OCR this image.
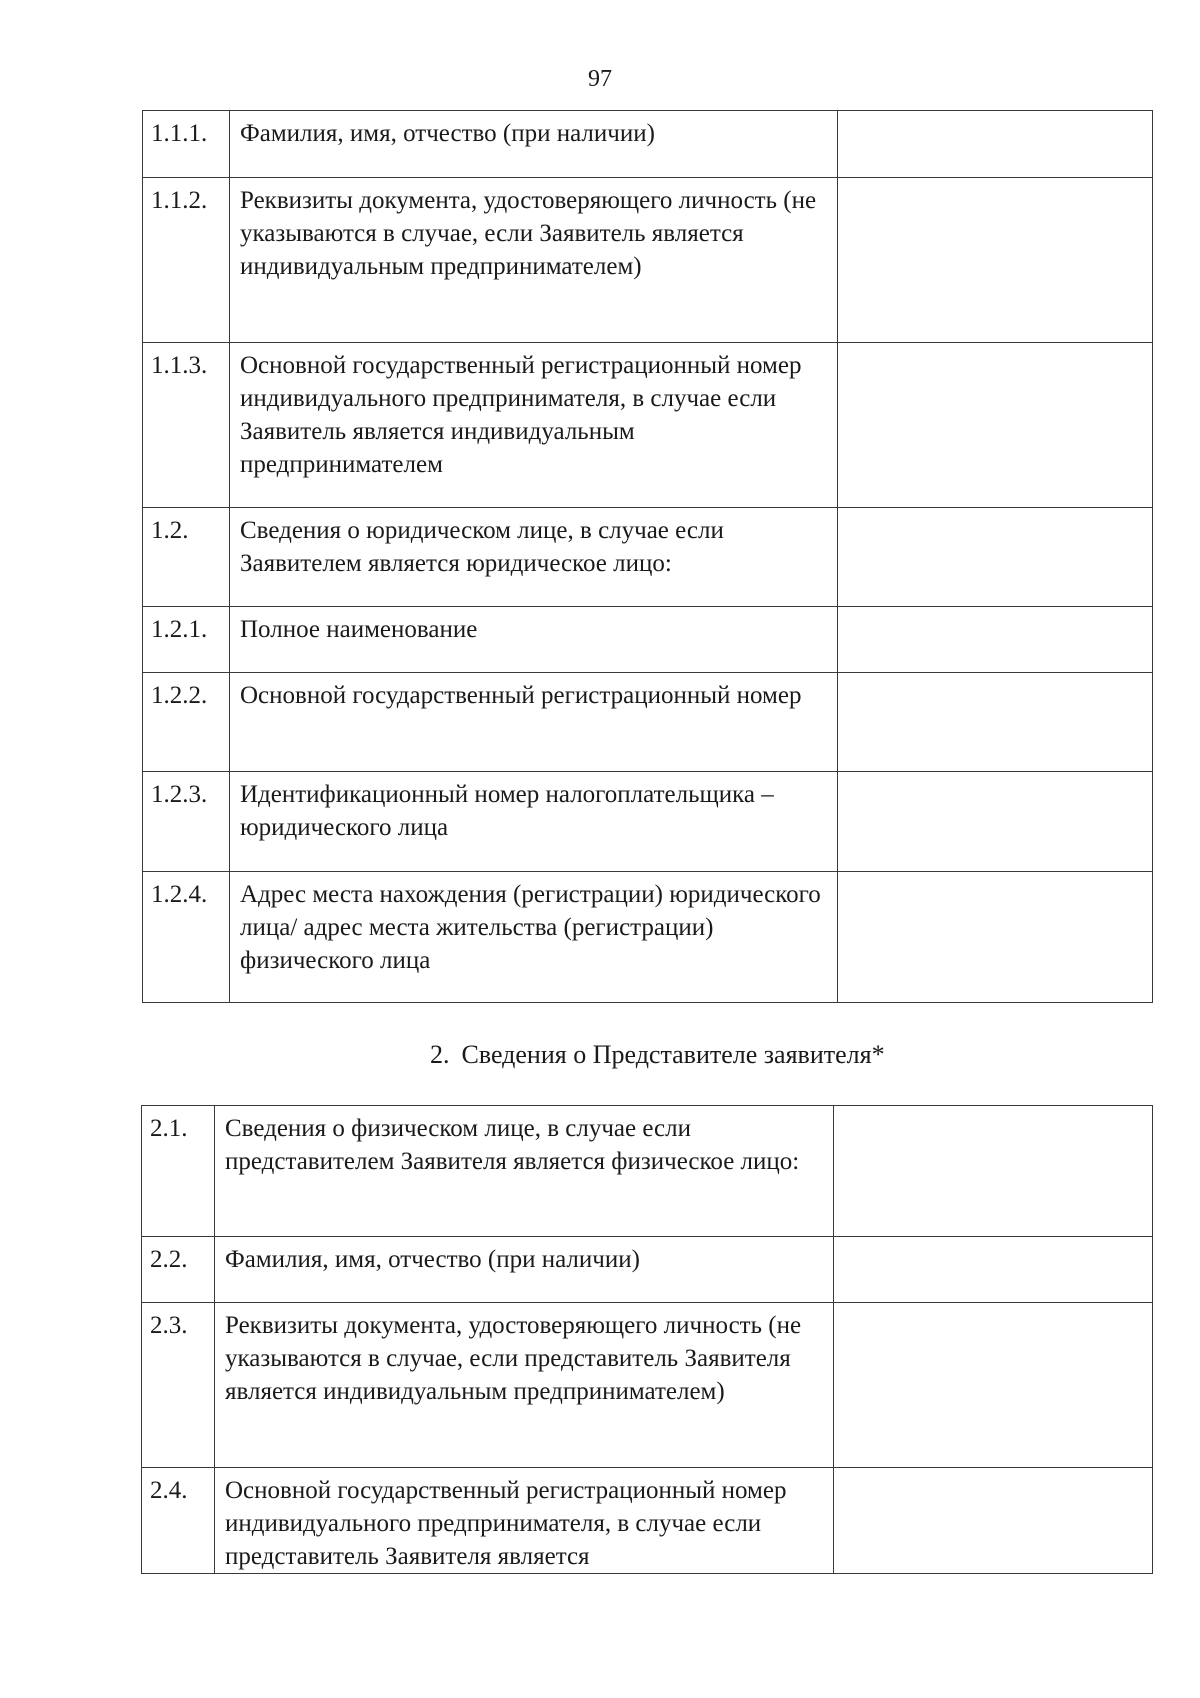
97
1.1.1.	Фамилия, имя, отчество (при наличии)	
1.1.2.	Реквизиты документа, удостоверяющего личность (не указываются в случае, если Заявитель является индивидуальным предпринимателем)	
1.1.3.	Основной государственный регистрационный номер индивидуального предпринимателя, в случае если Заявитель является индивидуальным предпринимателем	
1.2.	Сведения о юридическом лице, в случае если Заявителем является юридическое лицо:	
1.2.1.	Полное наименование	
1.2.2.	Основной государственный регистрационный номер	
1.2.3.	Идентификационный номер налогоплательщика – юридического лица	
1.2.4.	Адрес места нахождения (регистрации) юридического лица/ адрес места жительства (регистрации) физического лица	
2. Сведения о Представителе заявителя*
2.1.	Сведения о физическом лице, в случае если представителем Заявителя является физическое лицо:	
2.2.	Фамилия, имя, отчество (при наличии)	
2.3.	Реквизиты документа, удостоверяющего личность (не указываются в случае, если представитель Заявителя является индивидуальным предпринимателем)	
2.4.	Основной государственный регистрационный номер индивидуального предпринимателя, в случае если представитель Заявителя является	
